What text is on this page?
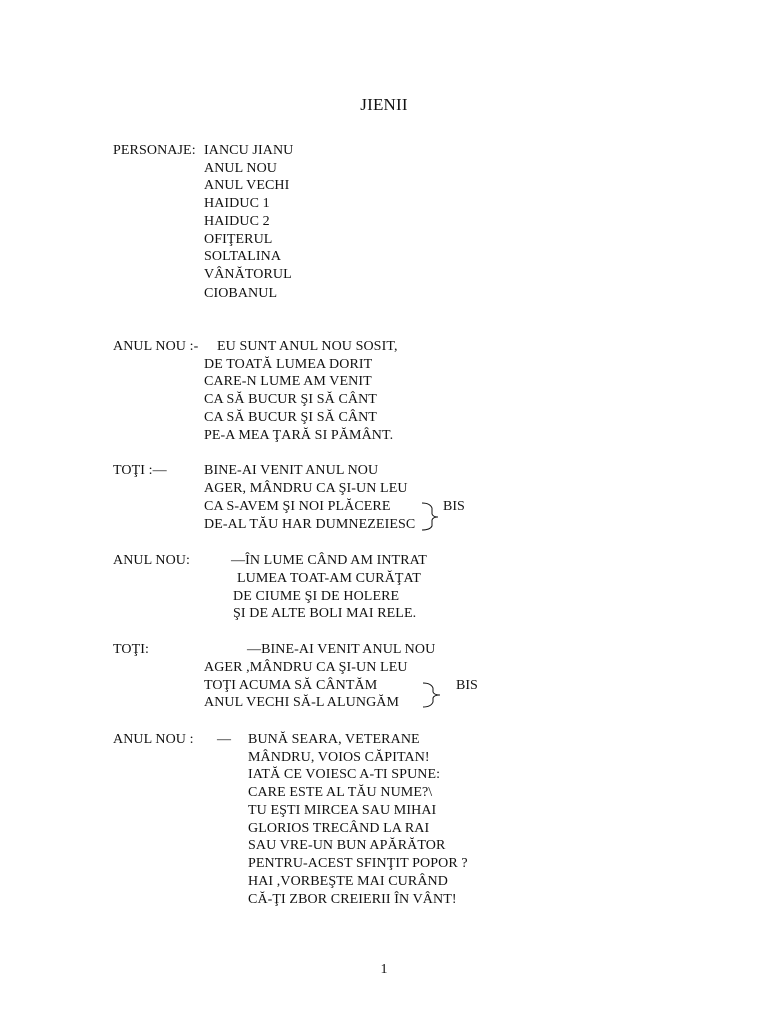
JIENII
PERSONAJE: IANCU JIANU
ANUL NOU
ANUL VECHI
HAIDUC 1
HAIDUC 2
OFIŢERUL
SOLTALINA
VÂNĂTORUL
CIOBANUL
ANUL NOU :- EU SUNT ANUL NOU SOSIT,
DE TOATĂ LUMEA DORIT
CARE-N LUME AM VENIT
CA SĂ BUCUR ŞI SĂ CÂNT
CA SĂ BUCUR ŞI SĂ CÂNT
PE-A MEA ŢARĂ SI PĂMÂNT.
TOŢI :—	BINE-AI VENIT ANUL NOU
AGER, MÂNDRU CA ŞI-UN LEU
CA S-AVEM ŞI NOI PLĂCERE
DE-AL TĂU HAR DUMNEZEIESC
BIS
ANUL NOU:	—ÎN LUME CÂND AM INTRAT
LUMEA TOAT-AM CURĂŢAT
DE CIUME ŞI DE HOLERE
ŞI DE ALTE BOLI MAI RELE.
TOŢI:	—BINE-AI VENIT ANUL NOU
AGER ,MÂNDRU CA ŞI-UN LEU
TOŢI ACUMA SĂ CÂNTĂM
ANUL VECHI SĂ-L ALUNGĂM
BIS
ANUL NOU : — BUNĂ SEARA, VETERANE
MÂNDRU, VOIOS CĂPITAN!
IATĂ CE VOIESC A-TI SPUNE:
CARE ESTE AL TĂU NUME?\
TU EŞTI MIRCEA SAU MIHAI
GLORIOS TRECÂND LA RAI
SAU VRE-UN BUN APĂRĂTOR
PENTRU-ACEST SFINŢIT POPOR ?
HAI ,VORBEŞTE MAI CURÂND
CĂ-ŢI ZBOR CREIERII ÎN VÂNT!
1
